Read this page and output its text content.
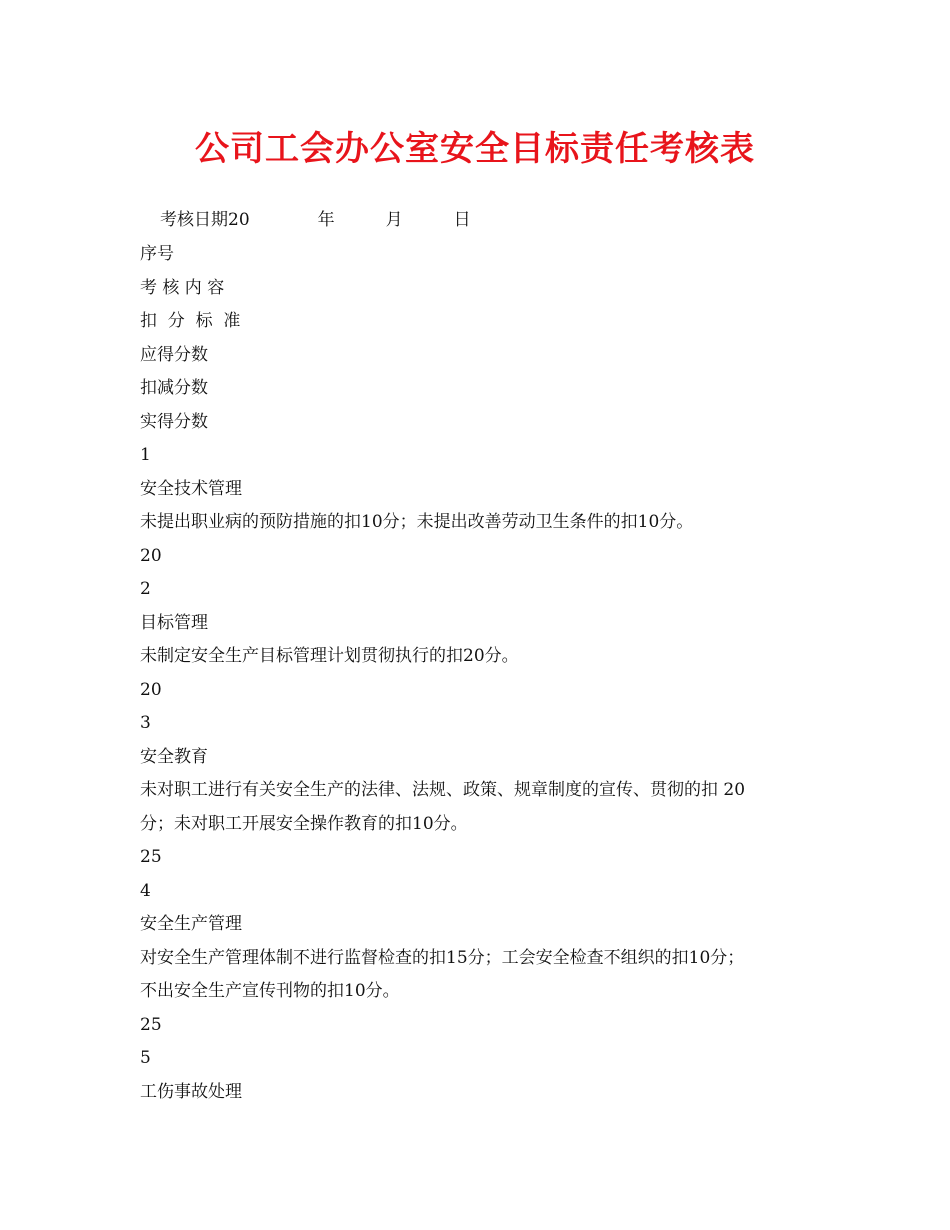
公司工会办公室安全目标责任考核表
考核日期20　　　　年　　　月　　　日
序号
考 核 内 容
扣  分  标  准
应得分数
扣减分数
实得分数
1
安全技术管理
未提出职业病的预防措施的扣10分；未提出改善劳动卫生条件的扣10分。
20
2
目标管理
未制定安全生产目标管理计划贯彻执行的扣20分。
20
3
安全教育
未对职工进行有关安全生产的法律、法规、政策、规章制度的宣传、贯彻的扣 20
分；未对职工开展安全操作教育的扣10分。
25
4
安全生产管理
对安全生产管理体制不进行监督检查的扣15分；工会安全检查不组织的扣10分；
不出安全生产宣传刊物的扣10分。
25
5
工伤事故处理
